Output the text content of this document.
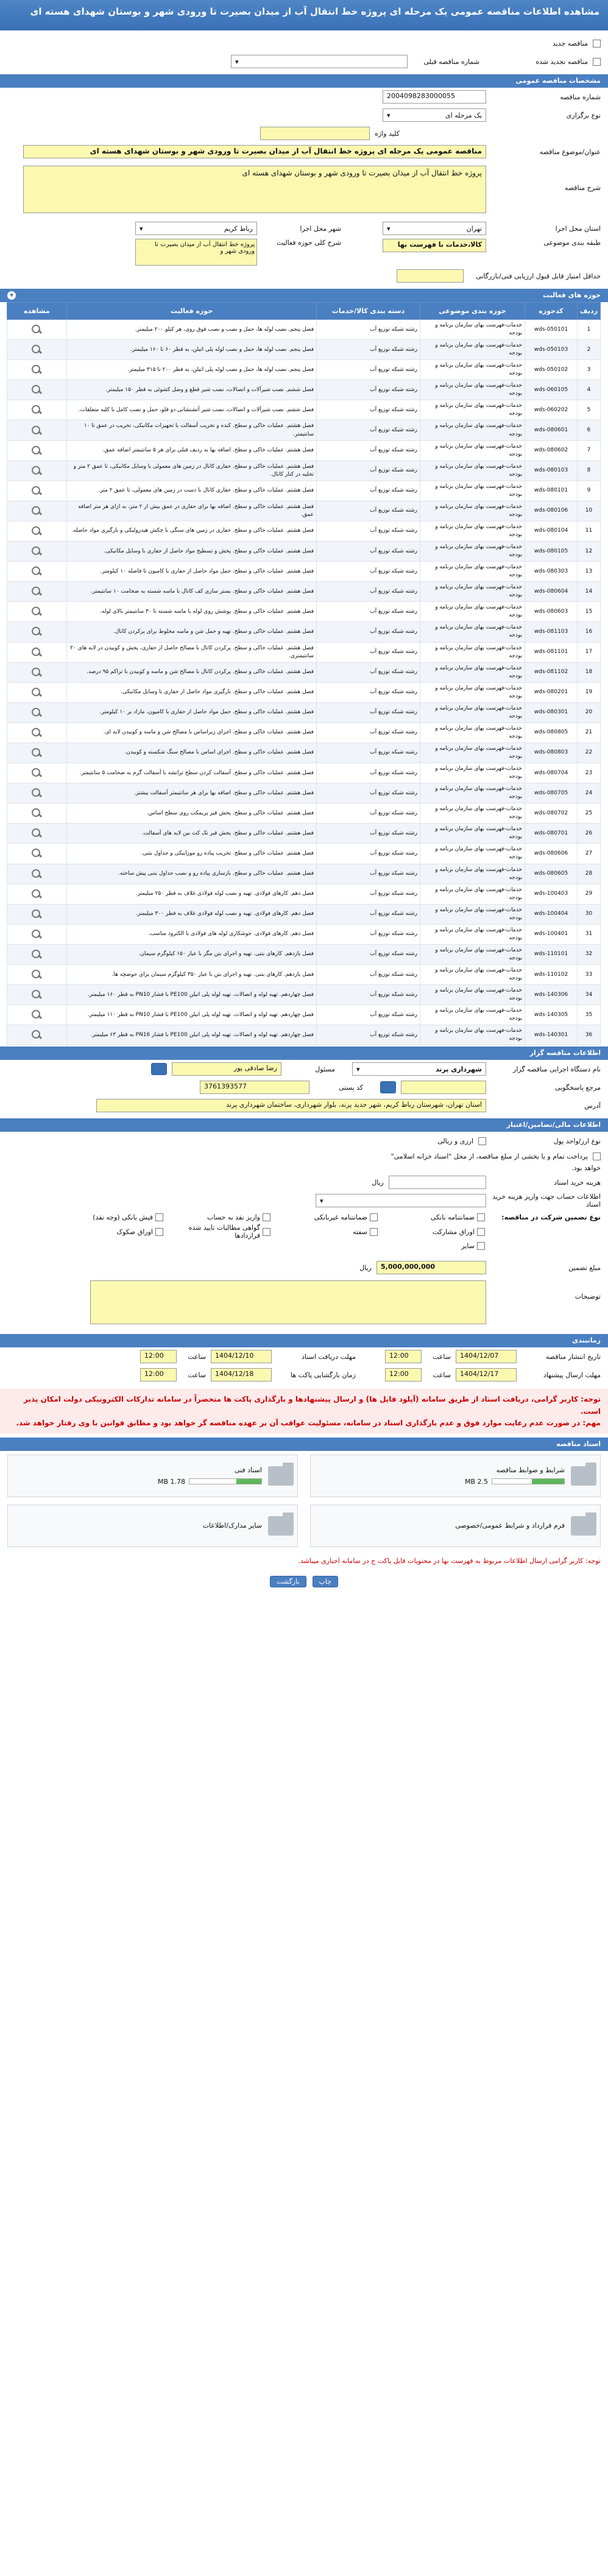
مشاهده اطلاعات مناقصه عمومی یک مرحله ای پروژه خط انتقال آب از میدان بصیرت تا ورودی شهر و بوستان شهدای هسته ای
مناقصه جدید
مناقصه تجدید شده
شماره مناقصه قبلی
▾
مشخصات مناقصه عمومی
شماره مناقصه
2004098283000055
نوع برگزاری
یک مرحله ای
▾
کلید واژه
عنوان/موضوع مناقصه
مناقصه عمومی یک مرحله ای پروژه خط انتقال آب از میدان بصیرت تا ورودی شهر و بوستان شهدای هسته ای
شرح مناقصه
پروژه خط انتقال آب از میدان بصیرت تا ورودی شهر و بوستان شهدای هسته ای
استان محل اجرا
تهران
▾
شهر محل اجرا
رباط کریم
▾
طبقه بندی موضوعی
کالا،خدمات با فهرست بها
شرح کلی حوزه فعالیت
پروژه خط انتقال آب از میدان بصیرت تا ورودی شهر و
حداقل امتیاز قابل قبول ارزیابی فنی/بازرگانی
حوزه های فعالیت
▾
ردیف	کدحوزه	حوزه بندی موضوعی	دسته بندی کالا/خدمات	حوزه فعالیت	مشاهده
1	wds-050101	خدمات-فهرست بهای سازمان برنامه و بودجه	رشته شبکه توزیع آب	فصل پنجم. نصب لوله ها، حمل و نصب و نصب فوق روی، هر کیلو ۲۰۰ میلیمتر.	

2	wds-050103	خدمات-فهرست بهای سازمان برنامه و بودجه	رشته شبکه توزیع آب	فصل پنجم. نصب لوله ها، حمل و نصب لوله پلی اتیلن، به قطر ۶۰ تا ۱۶۰ میلیمتر.	

3	wds-050102	خدمات-فهرست بهای سازمان برنامه و بودجه	رشته شبکه توزیع آب	فصل پنجم. نصب لوله ها، حمل و نصب لوله پلی اتیلن، به قطر ۲۰۰ تا ۳۱۵ میلیمتر.	

4	wds-060105	خدمات-فهرست بهای سازمان برنامه و بودجه	رشته شبکه توزیع آب	فصل ششم. نصب شیرآلات و اتصالات، نصب شیر قطع و وصل کشوئی به قطر ۱۵۰ میلیمتر.	

5	wds-060202	خدمات-فهرست بهای سازمان برنامه و بودجه	رشته شبکه توزیع آب	فصل ششم. نصب شیرآلات و اتصالات، نصب شیر آتشنشانی دو قلو، حمل و نصب کامل با کلیه متعلقات.	

6	wds-080601	خدمات-فهرست بهای سازمان برنامه و بودجه	رشته شبکه توزیع آب	فصل هشتم. عملیات خاکی و سطح. کنده و تخریب آسفالت با تجهیزات مکانیکی، تخریب در عمق تا ۱۰ سانتیمتر.	

7	wds-080602	خدمات-فهرست بهای سازمان برنامه و بودجه	رشته شبکه توزیع آب	فصل هشتم. عملیات خاکی و سطح. اضافه بها به ردیف قبلی برای هر ۵ سانتیمتر اضافه عمق.	

8	wds-080103	خدمات-فهرست بهای سازمان برنامه و بودجه	رشته شبکه توزیع آب	فصل هشتم. عملیات خاکی و سطح. حفاری کانال در زمین های معمولی با وسایل مکانیکی، تا عمق ۲ متر و تخلیه در کنار کانال.	

9	wds-080101	خدمات-فهرست بهای سازمان برنامه و بودجه	رشته شبکه توزیع آب	فصل هشتم. عملیات خاکی و سطح. حفاری کانال با دست در زمین های معمولی، تا عمق ۲ متر.	

10	wds-080106	خدمات-فهرست بهای سازمان برنامه و بودجه	رشته شبکه توزیع آب	فصل هشتم. عملیات خاکی و سطح. اضافه بها برای حفاری در عمق بیش از ۲ متر، به ازای هر متر اضافه عمق.	

11	wds-080104	خدمات-فهرست بهای سازمان برنامه و بودجه	رشته شبکه توزیع آب	فصل هشتم. عملیات خاکی و سطح. حفاری در زمین های سنگی با چکش هیدرولیکی و بارگیری مواد حاصله.	

12	wds-080105	خدمات-فهرست بهای سازمان برنامه و بودجه	رشته شبکه توزیع آب	فصل هشتم. عملیات خاکی و سطح. پخش و تسطیح مواد حاصل از حفاری با وسایل مکانیکی.	

13	wds-080303	خدمات-فهرست بهای سازمان برنامه و بودجه	رشته شبکه توزیع آب	فصل هشتم. عملیات خاکی و سطح. حمل مواد حاصل از حفاری با کامیون تا فاصله ۱۰ کیلومتر.	

14	wds-080604	خدمات-فهرست بهای سازمان برنامه و بودجه	رشته شبکه توزیع آب	فصل هشتم. عملیات خاکی و سطح. بستر سازی کف کانال با ماسه شسته به ضخامت ۱۰ سانتیمتر.	

15	wds-080603	خدمات-فهرست بهای سازمان برنامه و بودجه	رشته شبکه توزیع آب	فصل هشتم. عملیات خاکی و سطح. پوشش روی لوله با ماسه شسته تا ۳۰ سانتیمتر بالای لوله.	

16	wds-081103	خدمات-فهرست بهای سازمان برنامه و بودجه	رشته شبکه توزیع آب	فصل هشتم. عملیات خاکی و سطح. تهیه و حمل شن و ماسه مخلوط برای پرکردن کانال.	

17	wds-081101	خدمات-فهرست بهای سازمان برنامه و بودجه	رشته شبکه توزیع آب	فصل هشتم. عملیات خاکی و سطح. پرکردن کانال با مصالح حاصل از حفاری، پخش و کوبیدن در لایه های ۲۰ سانتیمتری.	

18	wds-081102	خدمات-فهرست بهای سازمان برنامه و بودجه	رشته شبکه توزیع آب	فصل هشتم. عملیات خاکی و سطح. پرکردن کانال با مصالح شن و ماسه و کوبیدن با تراکم ۹۵ درصد.	

19	wds-080201	خدمات-فهرست بهای سازمان برنامه و بودجه	رشته شبکه توزیع آب	فصل هشتم. عملیات خاکی و سطح. بارگیری مواد حاصل از حفاری با وسایل مکانیکی.	

20	wds-080301	خدمات-فهرست بهای سازمان برنامه و بودجه	رشته شبکه توزیع آب	فصل هشتم. عملیات خاکی و سطح. حمل مواد حاصل از حفاری با کامیون، مازاد بر ۱۰ کیلومتر.	

21	wds-080805	خدمات-فهرست بهای سازمان برنامه و بودجه	رشته شبکه توزیع آب	فصل هشتم. عملیات خاکی و سطح. اجرای زیراساس با مصالح شن و ماسه و کوبیدن لایه ای.	

22	wds-080803	خدمات-فهرست بهای سازمان برنامه و بودجه	رشته شبکه توزیع آب	فصل هشتم. عملیات خاکی و سطح. اجرای اساس با مصالح سنگ شکسته و کوبیدن.	

23	wds-080704	خدمات-فهرست بهای سازمان برنامه و بودجه	رشته شبکه توزیع آب	فصل هشتم. عملیات خاکی و سطح. آسفالت کردن سطح ترانشه با آسفالت گرم به ضخامت ۵ سانتیمتر.	

24	wds-080705	خدمات-فهرست بهای سازمان برنامه و بودجه	رشته شبکه توزیع آب	فصل هشتم. عملیات خاکی و سطح. اضافه بها برای هر سانتیمتر آسفالت بیشتر.	

25	wds-080702	خدمات-فهرست بهای سازمان برنامه و بودجه	رشته شبکه توزیع آب	فصل هشتم. عملیات خاکی و سطح. پخش قیر پریمکت روی سطح اساس.	

26	wds-080701	خدمات-فهرست بهای سازمان برنامه و بودجه	رشته شبکه توزیع آب	فصل هشتم. عملیات خاکی و سطح. پخش قیر تک کت بین لایه های آسفالت.	

27	wds-080606	خدمات-فهرست بهای سازمان برنامه و بودجه	رشته شبکه توزیع آب	فصل هشتم. عملیات خاکی و سطح. تخریب پیاده رو موزاییکی و جداول بتنی.	

28	wds-080605	خدمات-فهرست بهای سازمان برنامه و بودجه	رشته شبکه توزیع آب	فصل هشتم. عملیات خاکی و سطح. بازسازی پیاده رو و نصب جداول بتنی پیش ساخته.	

29	wds-100403	خدمات-فهرست بهای سازمان برنامه و بودجه	رشته شبکه توزیع آب	فصل دهم. کارهای فولادی. تهیه و نصب لوله فولادی غلاف به قطر ۲۵۰ میلیمتر.	

30	wds-100404	خدمات-فهرست بهای سازمان برنامه و بودجه	رشته شبکه توزیع آب	فصل دهم. کارهای فولادی. تهیه و نصب لوله فولادی غلاف به قطر ۳۰۰ میلیمتر.	

31	wds-100401	خدمات-فهرست بهای سازمان برنامه و بودجه	رشته شبکه توزیع آب	فصل دهم. کارهای فولادی. جوشکاری لوله های فولادی با الکترود مناسب.	

32	wds-110101	خدمات-فهرست بهای سازمان برنامه و بودجه	رشته شبکه توزیع آب	فصل یازدهم. کارهای بتنی. تهیه و اجرای بتن مگر با عیار ۱۵۰ کیلوگرم سیمان.	

33	wds-110102	خدمات-فهرست بهای سازمان برنامه و بودجه	رشته شبکه توزیع آب	فصل یازدهم. کارهای بتنی. تهیه و اجرای بتن با عیار ۳۵۰ کیلوگرم سیمان برای حوضچه ها.	

34	wds-140306	خدمات-فهرست بهای سازمان برنامه و بودجه	رشته شبکه توزیع آب	فصل چهاردهم. تهیه لوله و اتصالات. تهیه لوله پلی اتیلن PE100 با فشار PN10 به قطر ۱۶۰ میلیمتر.	

35	wds-140305	خدمات-فهرست بهای سازمان برنامه و بودجه	رشته شبکه توزیع آب	فصل چهاردهم. تهیه لوله و اتصالات. تهیه لوله پلی اتیلن PE100 با فشار PN10 به قطر ۱۱۰ میلیمتر.	

36	wds-140301	خدمات-فهرست بهای سازمان برنامه و بودجه	رشته شبکه توزیع آب	فصل چهاردهم. تهیه لوله و اتصالات. تهیه لوله پلی اتیلن PE100 با فشار PN16 به قطر ۶۳ میلیمتر.	
اطلاعات مناقصه گزار
نام دستگاه اجرایی مناقصه گزار
شهرداری پرند
▾
مسئول
رضا صادقی پور
مرجع پاسخگویی
کد پستی
3761393577
آدرس
استان تهران، شهرستان رباط کریم، شهر جدید پرند، بلوار شهرداری، ساختمان شهرداری پرند
اطلاعات مالی/تضامین/اعتبار
نوع ارز/واحد پول
ارزی و ریالی
پرداخت تمام و یا بخشی از مبلغ مناقصه، از محل "اسناد خزانه اسلامی"
خواهد بود.
هزینه خرید اسناد
ریال
اطلاعات حساب جهت واریز هزینه خرید اسناد
▾
نوع تضمین شرکت در مناقصه:
ضمانتنامه بانکی
ضمانتنامه غیربانکی
واریز نقد به حساب
فیش بانکی (وجه نقد)
اوراق مشارکت
سفته
گواهی مطالبات تایید شده قراردادها
اوراق صکوک
سایر
مبلغ تضمین
5,000,000,000
ریال
توضیحات
زمانبندی
تاریخ انتشار مناقصه
1404/12/07
ساعت
12:00
مهلت دریافت اسناد
1404/12/10
ساعت
12:00
مهلت ارسال پیشنهاد
1404/12/17
ساعت
12:00
زمان بازگشایی پاکت ها
1404/12/18
ساعت
12:00
توجه: کاربر گرامی، دریافت اسناد از طریق سامانه (آپلود فایل ها) و ارسال پیشنهادها و بارگذاری پاکت ها منحصراً در سامانه تدارکات الکترونیکی دولت امکان پذیر است.
مهم: در صورت عدم رعایت موارد فوق و عدم بارگذاری اسناد در سامانه، مسئولیت عواقب آن بر عهده مناقصه گر خواهد بود و مطابق قوانین با وی رفتار خواهد شد.
اسناد مناقصه
شرایط و ضوابط مناقصه
2.5 MB
اسناد فنی
1.78 MB
فرم قرارداد و شرایط عمومی/خصوصی
سایر مدارک/اطلاعات
توجه: کاربر گرامی ارسال اطلاعات مربوط به فهرست بها در محتویات فایل پاکت ج در سامانه اجباری میباشد.
چاپ
بازگشت
